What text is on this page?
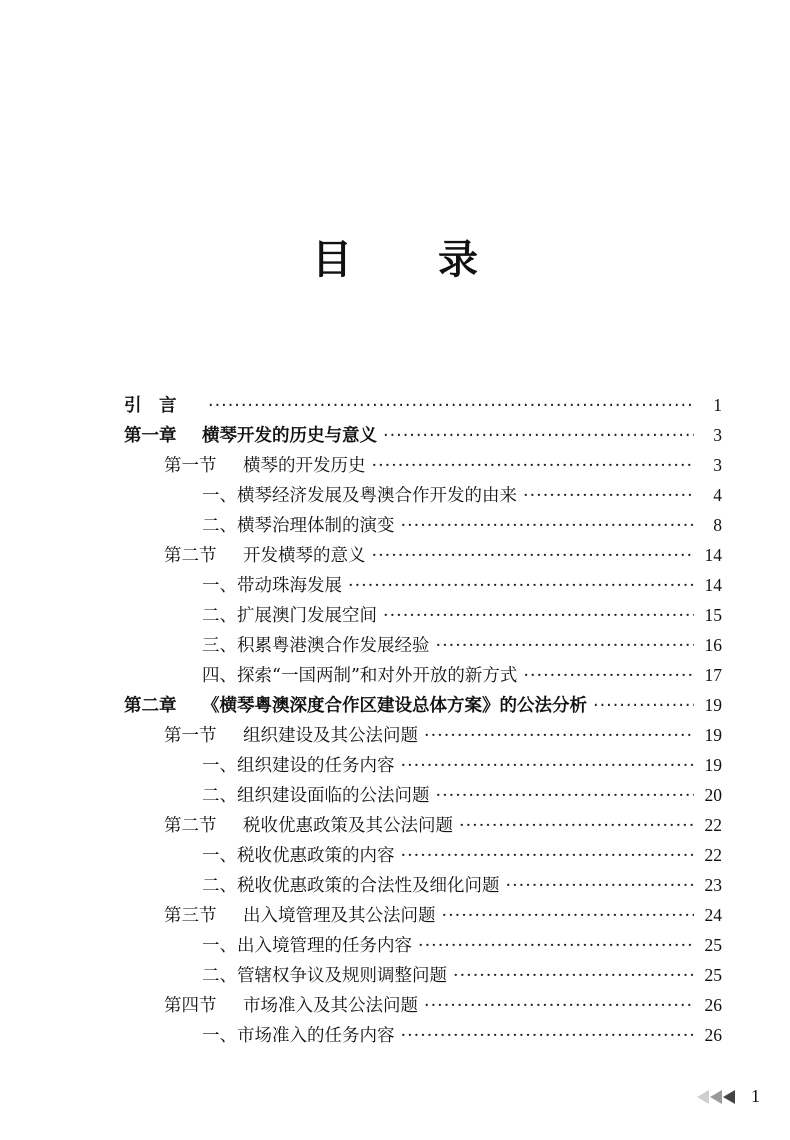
目 录
引　言 ·····	1
第一章	横琴开发的历史与意义 ·····	3
第一节	横琴的开发历史 ·····	3
一、横琴经济发展及粤澳合作开发的由来 ·····	4
二、横琴治理体制的演变 ·····	8
第二节	开发横琴的意义 ·····	14
一、带动珠海发展 ·····	14
二、扩展澳门发展空间 ·····	15
三、积累粤港澳合作发展经验 ·····	16
四、探索“一国两制”和对外开放的新方式 ·····	17
第二章	《横琴粤澳深度合作区建设总体方案》的公法分析 ·····	19
第一节	组织建设及其公法问题 ·····	19
一、组织建设的任务内容 ·····	19
二、组织建设面临的公法问题 ·····	20
第二节	税收优惠政策及其公法问题 ·····	22
一、税收优惠政策的内容 ·····	22
二、税收优惠政策的合法性及细化问题 ·····	23
第三节	出入境管理及其公法问题 ·····	24
一、出入境管理的任务内容 ·····	25
二、管辖权争议及规则调整问题 ·····	25
第四节	市场准入及其公法问题 ·····	26
一、市场准入的任务内容 ·····	26
1
